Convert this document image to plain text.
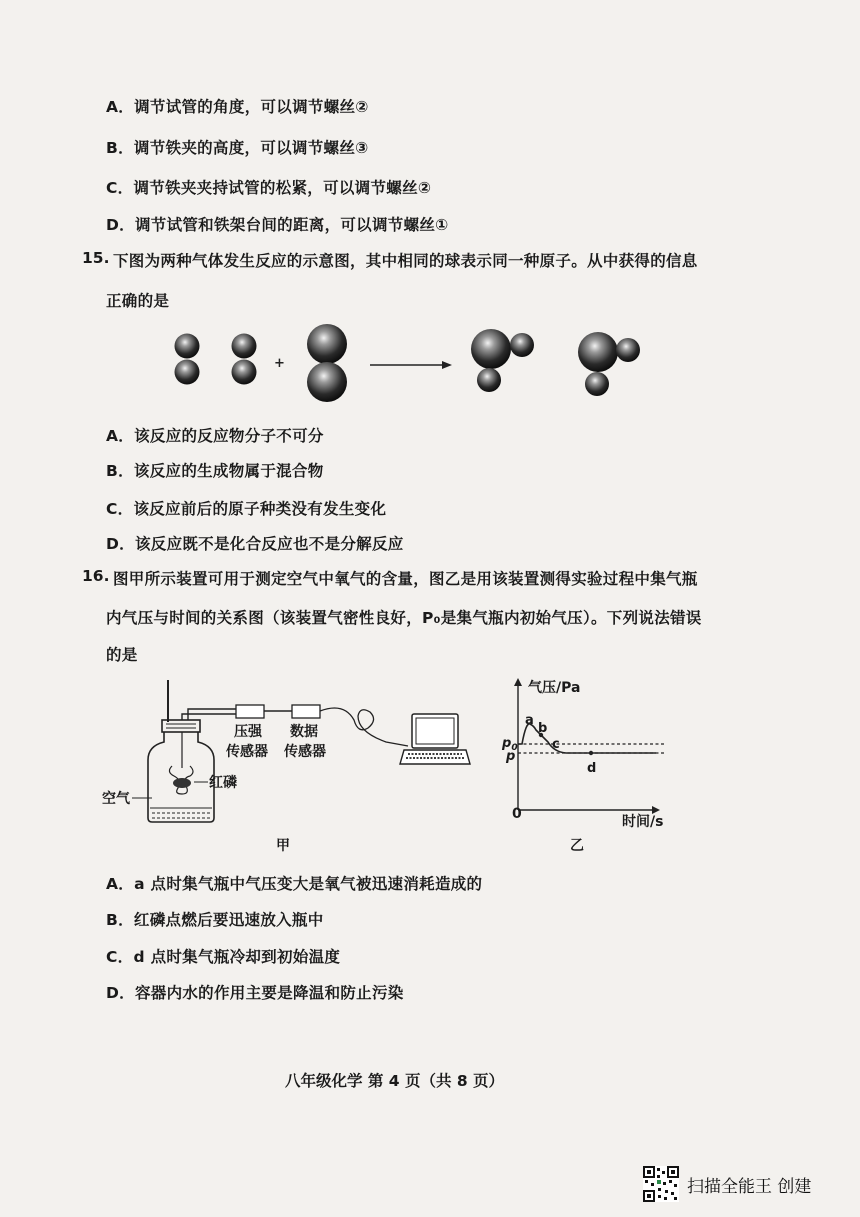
A．调节试管的角度，可以调节螺丝②
B．调节铁夹的高度，可以调节螺丝③
C．调节铁夹夹持试管的松紧，可以调节螺丝②
D．调节试管和铁架台间的距离，可以调节螺丝①
15. 下图为两种气体发生反应的示意图，其中相同的球表示同一种原子。从中获得的信息
正确的是
+
A．该反应的反应物分子不可分
B．该反应的生成物属于混合物
C．该反应前后的原子种类没有发生变化
D．该反应既不是化合反应也不是分解反应
16. 图甲所示装置可用于测定空气中氧气的含量，图乙是用该装置测得实验过程中集气瓶
内气压与时间的关系图（该装置气密性良好，P₀是集气瓶内初始气压）。下列说法错误
的是
红磷
空气
压强
传感器
数据
传感器
甲
气压/Pa
时间/s
0
$p_0$
p
a
b
c
d
乙
A．a 点时集气瓶中气压变大是氧气被迅速消耗造成的
B．红磷点燃后要迅速放入瓶中
C．d 点时集气瓶冷却到初始温度
D．容器内水的作用主要是降温和防止污染
八年级化学 第 4 页（共 8 页）
扫描全能王 创建
